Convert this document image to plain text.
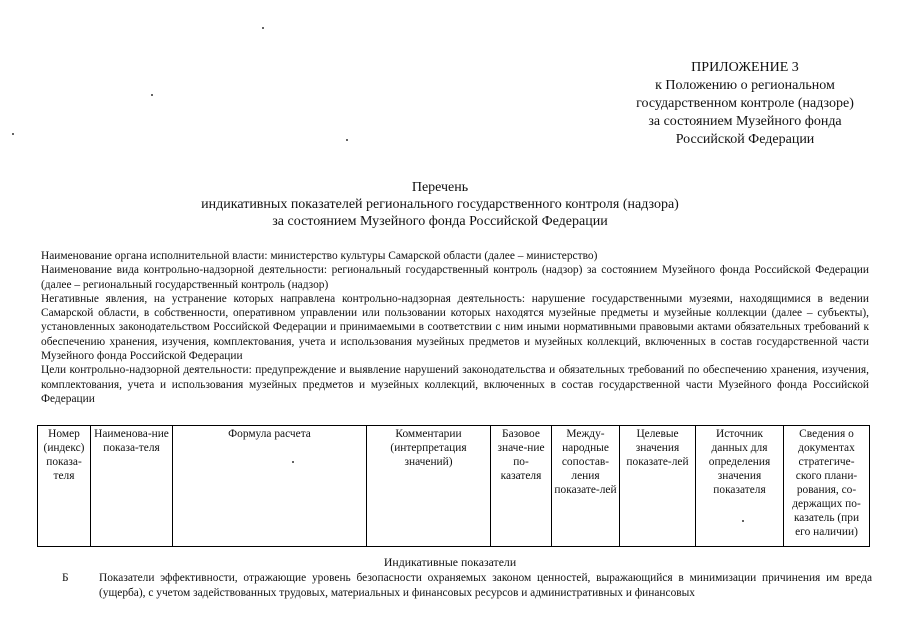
ПРИЛОЖЕНИЕ 3
к Положению о региональном
государственном контроле (надзоре)
за состоянием Музейного фонда
Российской Федерации
Перечень
индикативных показателей регионального государственного контроля (надзора)
за состоянием Музейного фонда Российской Федерации

Наименование органа исполнительной власти: министерство культуры Самарской области (далее – министерство)

Наименование вида контрольно-надзорной деятельности: региональный государственный контроль (надзор) за состоянием Музейного фонда Российской Федерации (далее – региональный государственный контроль (надзор)

Негативные явления, на устранение которых направлена контрольно-надзорная деятельность: нарушение государственными музеями, находящимися в ведении Самарской области, в собственности, оперативном управлении или пользовании которых находятся музейные предметы и музейные коллекции (далее – субъекты), установленных законодательством Российской Федерации и принимаемыми в соответствии с ним иными нормативными правовыми актами обязательных требований к обеспечению хранения, изучения, комплектования, учета и использования музейных предметов и музейных коллекций, включенных в состав государственной части Музейного фонда Российской Федерации

Цели контрольно-надзорной деятельности: предупреждение и выявление нарушений законодательства и обязательных требований по обеспечению хранения, изучения, комплектования, учета и использования музейных предметов и музейных коллекций, включенных в состав государственной части Музейного фонда Российской Федерации

Номер (индекс) показа-теля	Наименова-ние показа-теля	Формула расчета	Комментарии (интерпретация значений)	Базовое значе-ние по-казателя	Между-народные сопостав-ления показате-лей	Целевые значения показате-лей	Источник данных для определения значения показателя	Сведения о документах стратегиче-ского плани-рования, со-держащих по-казатель (при его наличии)
Индикативные показатели
Б	Показатели эффективности, отражающие уровень безопасности охраняемых законом ценностей, выражающийся в минимизации причинения им вреда (ущерба), с учетом задействованных трудовых, материальных и финансовых ресурсов и административных и финансовых
